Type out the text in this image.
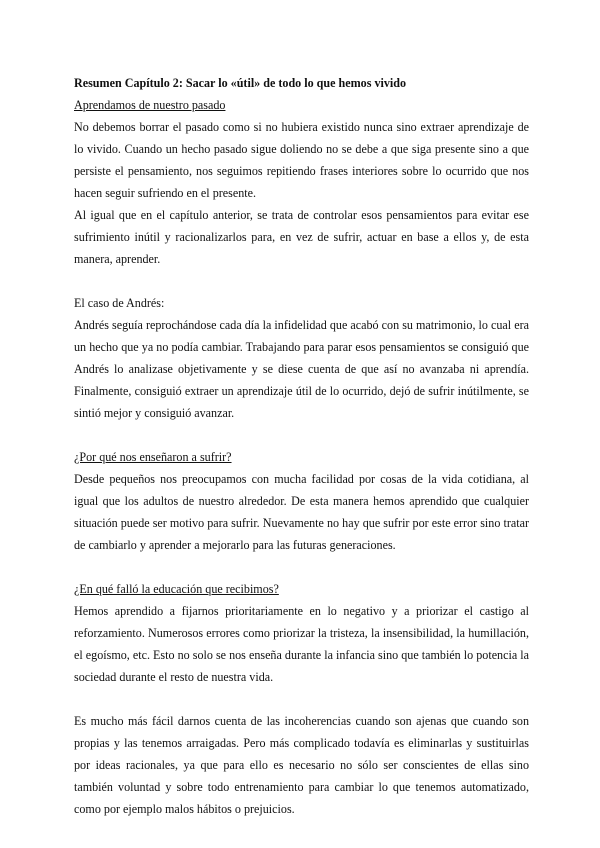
Resumen Capítulo 2: Sacar lo «útil» de todo lo que hemos vivido
Aprendamos de nuestro pasado

No debemos borrar el pasado como si no hubiera existido nunca sino extraer aprendizaje de lo vivido. Cuando un hecho pasado sigue doliendo no se debe a que siga presente sino a que persiste el pensamiento, nos seguimos repitiendo frases interiores sobre lo ocurrido que nos hacen seguir sufriendo en el presente.

Al igual que en el capítulo anterior, se trata de controlar esos pensamientos para evitar ese sufrimiento inútil y racionalizarlos para, en vez de sufrir, actuar en base a ellos y, de esta manera, aprender.

El caso de Andrés:

Andrés seguía reprochándose cada día la infidelidad que acabó con su matrimonio, lo cual era un hecho que ya no podía cambiar. Trabajando para parar esos pensamientos se consiguió que Andrés lo analizase objetivamente y se diese cuenta de que así no avanzaba ni aprendía. Finalmente, consiguió extraer un aprendizaje útil de lo ocurrido, dejó de sufrir inútilmente, se sintió mejor y consiguió avanzar.

¿Por qué nos enseñaron a sufrir?

Desde pequeños nos preocupamos con mucha facilidad por cosas de la vida cotidiana, al igual que los adultos de nuestro alrededor. De esta manera hemos aprendido que cualquier situación puede ser motivo para sufrir. Nuevamente no hay que sufrir por este error sino tratar de cambiarlo y aprender a mejorarlo para las futuras generaciones.

¿En qué falló la educación que recibimos?

Hemos aprendido a fijarnos prioritariamente en lo negativo y a priorizar el castigo al reforzamiento. Numerosos errores como priorizar la tristeza, la insensibilidad, la humillación, el egoísmo, etc. Esto no solo se nos enseña durante la infancia sino que también lo potencia la sociedad durante el resto de nuestra vida.

Es mucho más fácil darnos cuenta de las incoherencias cuando son ajenas que cuando son propias y las tenemos arraigadas. Pero más complicado todavía es eliminarlas y sustituirlas por ideas racionales, ya que para ello es necesario no sólo ser conscientes de ellas sino también voluntad y sobre todo entrenamiento para cambiar lo que tenemos automatizado, como por ejemplo malos hábitos o prejuicios.
